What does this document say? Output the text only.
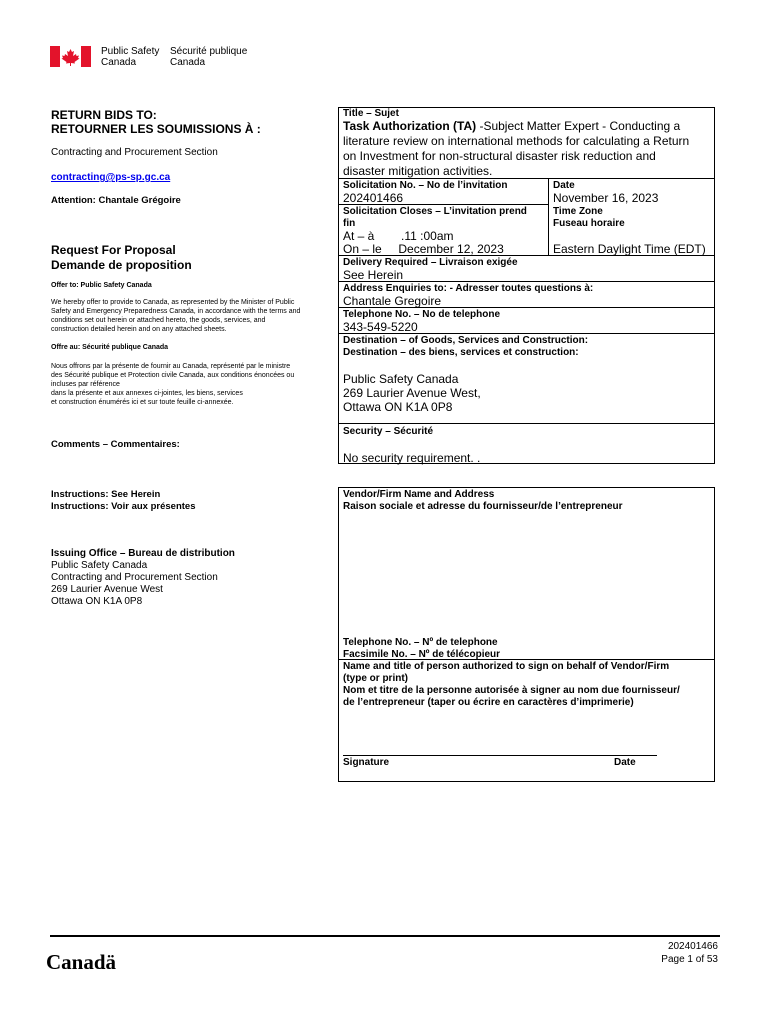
Public Safety
Canada
Sécurité publique
Canada
RETURN BIDS TO:
RETOURNER LES SOUMISSIONS À :
Contracting and Procurement Section
contracting@ps-sp.gc.ca
Attention: Chantale Grégoire
Request For Proposal
Demande de proposition
Offer to: Public Safety Canada
We hereby offer to provide to Canada, as represented by the Minister of Public
Safety and Emergency Preparedness Canada, in accordance with the terms and
conditions set out herein or attached hereto, the goods, services, and
construction detailed herein and on any attached sheets.
Offre au: Sécurité publique Canada
Nous offrons par la présente de fournir au Canada, représenté par le ministre
des Sécurité publique et Protection civile Canada, aux conditions énoncées ou
incluses par référence
dans la présente et aux annexes ci-jointes, les biens, services
et construction énumérés ici et sur toute feuille ci-annexée.
Comments – Commentaires:
Instructions: See Herein
Instructions: Voir aux présentes
Issuing Office – Bureau de distribution
Public Safety Canada
Contracting and Procurement Section
269 Laurier Avenue West
Ottawa ON K1A 0P8
Title – Sujet
Task Authorization (TA) -Subject Matter Expert - Conducting a
literature review on international methods for calculating a Return
on Investment for non-structural disaster risk reduction and
disaster mitigation activities.
Solicitation No. – No de l’invitation
202401466
Date
November 16, 2023
Solicitation Closes – L’invitation prend
fin
At – à        .11 :00am
On – le     December 12, 2023
Time Zone
Fuseau horaire
Eastern Daylight Time (EDT)
Delivery Required – Livraison exigée
See Herein
Address Enquiries to: - Adresser toutes questions à:
Chantale Gregoire
Telephone No. – No de telephone
343-549-5220
Destination – of Goods, Services and Construction:
Destination – des biens, services et construction:
Public Safety Canada
269 Laurier Avenue West,
Ottawa ON K1A 0P8
Security – Sécurité
No security requirement. .
Vendor/Firm Name and Address
Raison sociale et adresse du fournisseur/de l’entrepreneur
Telephone No. – Nº de telephone
Facsimile No. – Nº de télécopieur
Name and title of person authorized to sign on behalf of Vendor/Firm
(type or print)
Nom et titre de la personne autorisée à signer au nom due fournisseur/
de l’entrepreneur (taper ou écrire en caractères d’imprimerie)
Signature	Date
Canadä
202401466
Page 1 of 53
